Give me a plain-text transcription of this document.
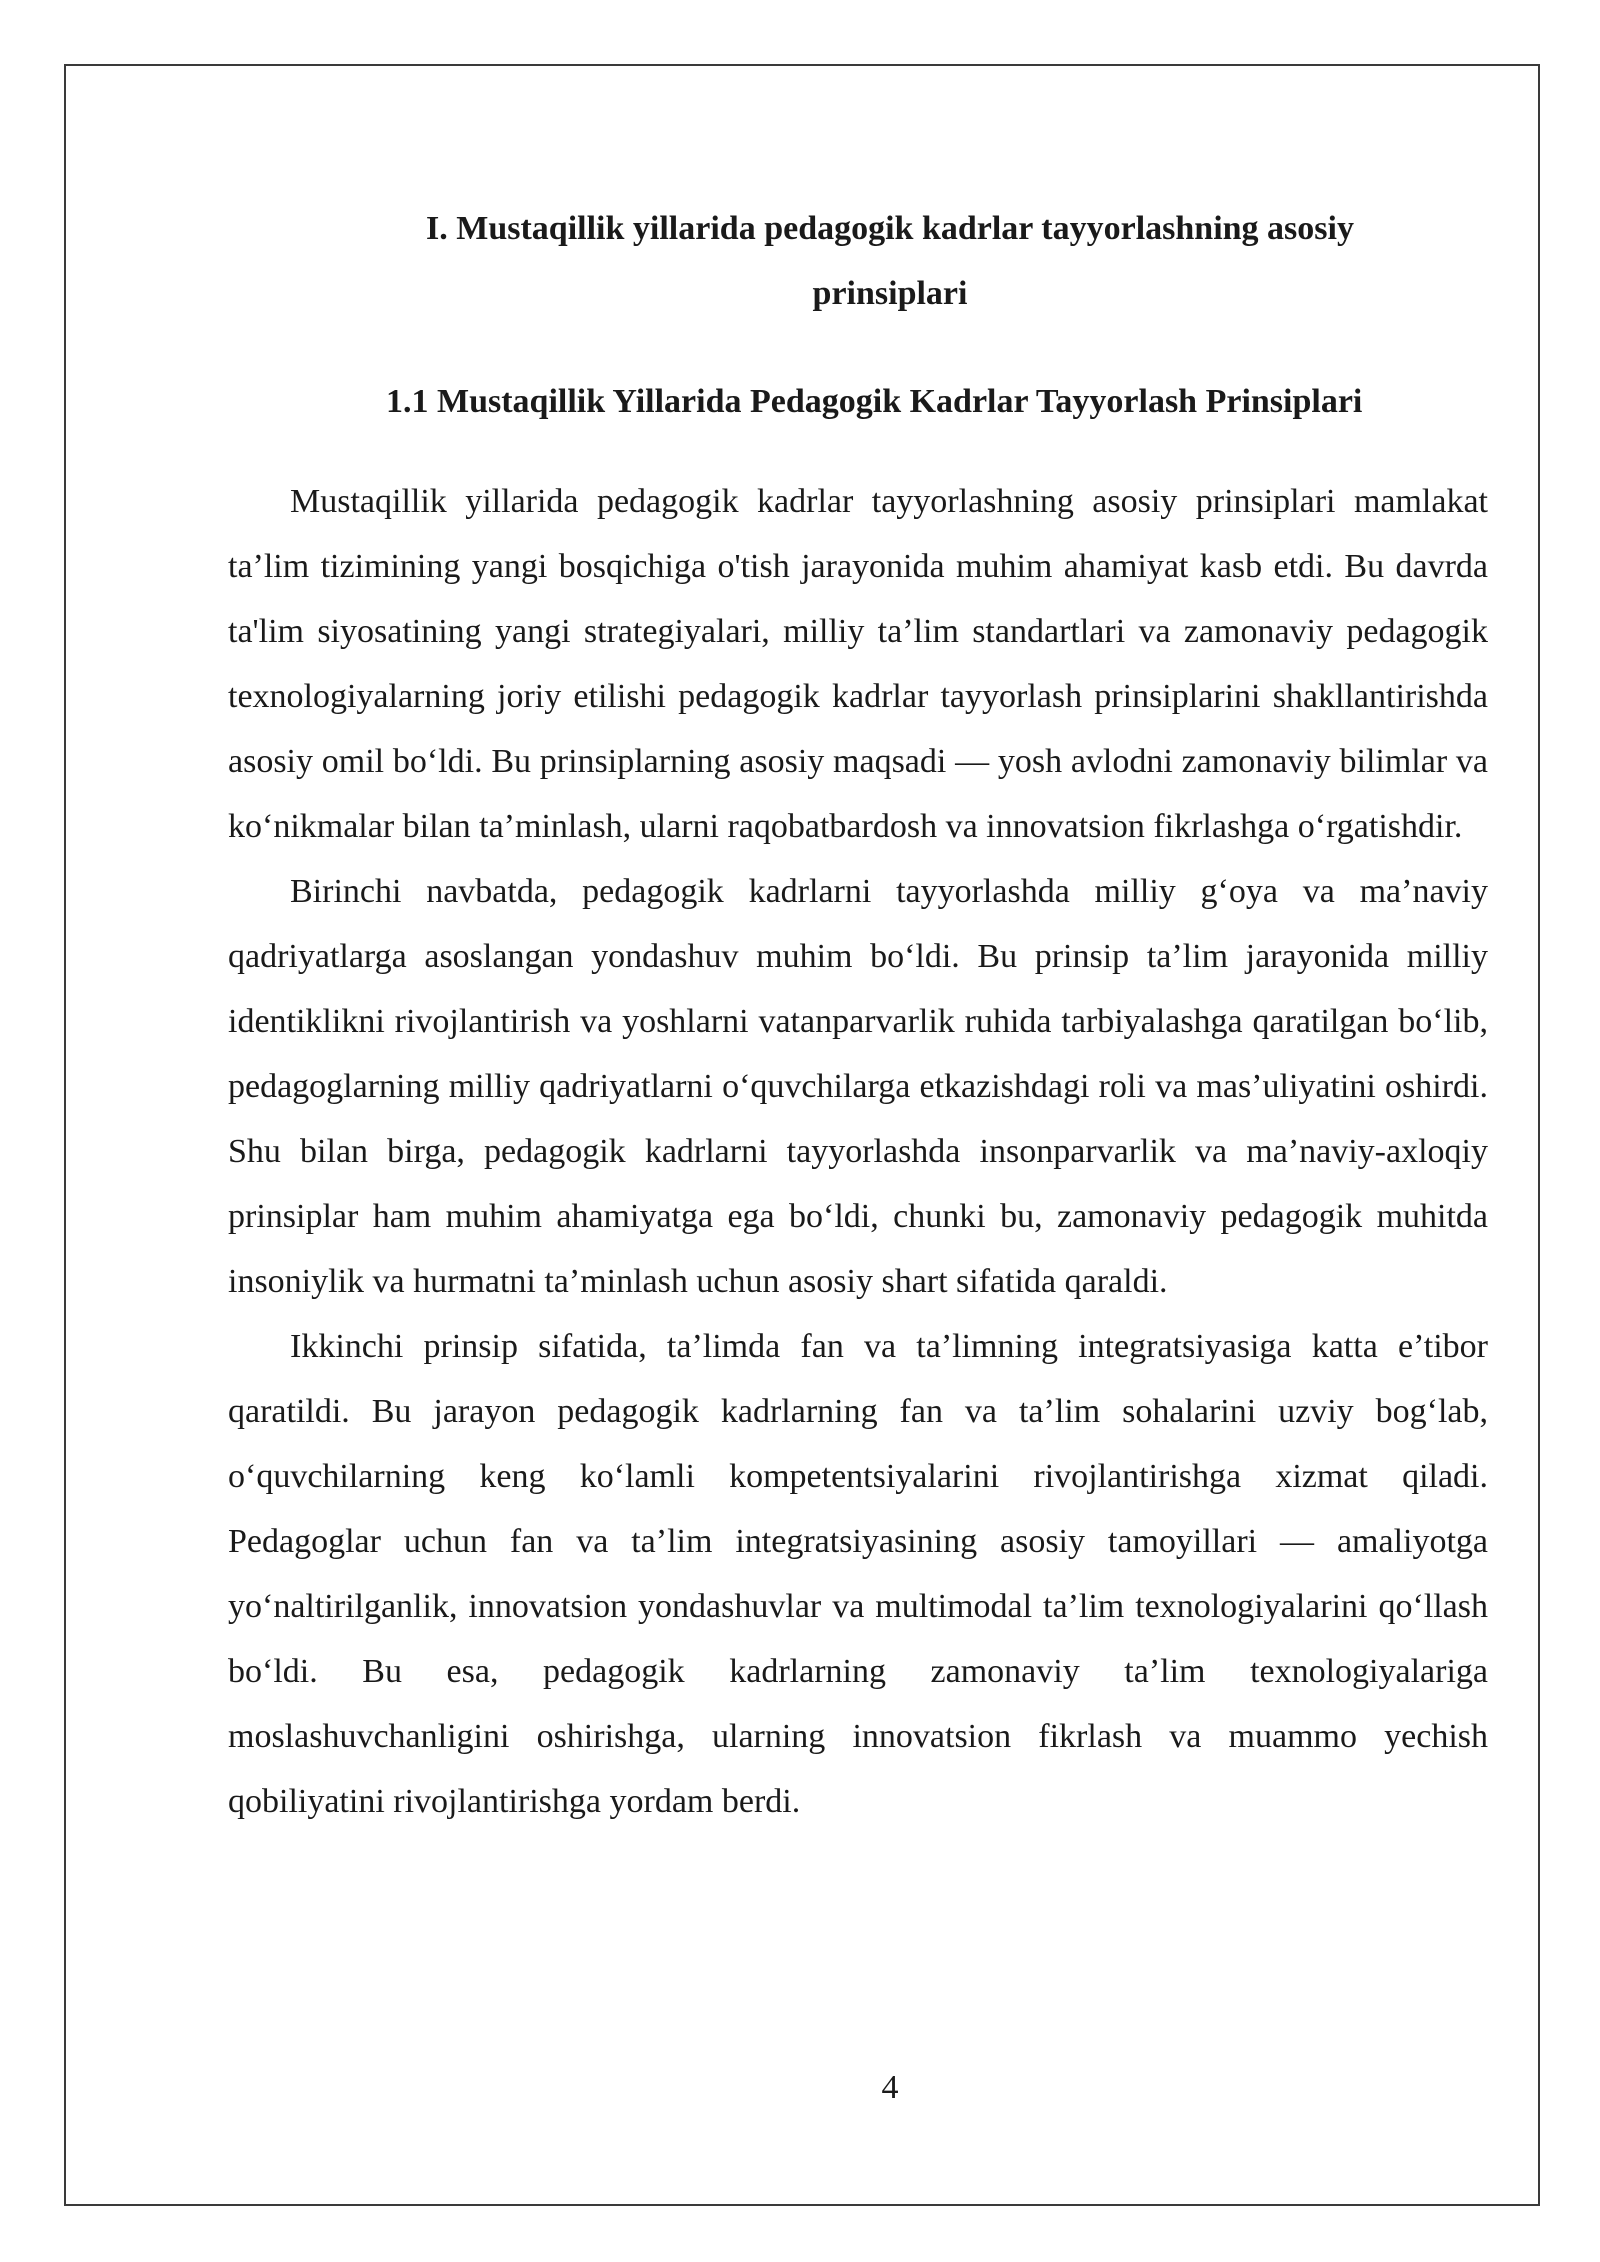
I. Mustaqillik yillarida pedagogik kadrlar tayyorlashning asosiy
prinsiplari
1.1 Mustaqillik Yillarida Pedagogik Kadrlar Tayyorlash Prinsiplari

Mustaqillik yillarida pedagogik kadrlar tayyorlashning asosiy prinsiplari mamlakat ta’lim tizimining yangi bosqichiga o'tish jarayonida muhim ahamiyat kasb etdi. Bu davrda ta'lim siyosatining yangi strategiyalari, milliy ta’lim standartlari va zamonaviy pedagogik texnologiyalarning joriy etilishi pedagogik kadrlar tayyorlash prinsiplarini shakllantirishda asosiy omil bo‘ldi. Bu prinsiplarning asosiy maqsadi — yosh avlodni zamonaviy bilimlar va ko‘nikmalar bilan ta’minlash, ularni raqobatbardosh va innovatsion fikrlashga o‘rgatishdir.

Birinchi navbatda, pedagogik kadrlarni tayyorlashda milliy g‘oya va ma’naviy qadriyatlarga asoslangan yondashuv muhim bo‘ldi. Bu prinsip ta’lim jarayonida milliy identiklikni rivojlantirish va yoshlarni vatanparvarlik ruhida tarbiyalashga qaratilgan bo‘lib, pedagoglarning milliy qadriyatlarni o‘quvchilarga etkazishdagi roli va mas’uliyatini oshirdi. Shu bilan birga, pedagogik kadrlarni tayyorlashda insonparvarlik va ma’naviy-axloqiy prinsiplar ham muhim ahamiyatga ega bo‘ldi, chunki bu, zamonaviy pedagogik muhitda insoniylik va hurmatni ta’minlash uchun asosiy shart sifatida qaraldi.

Ikkinchi prinsip sifatida, ta’limda fan va ta’limning integratsiyasiga katta e’tibor qaratildi. Bu jarayon pedagogik kadrlarning fan va ta’lim sohalarini uzviy bog‘lab, o‘quvchilarning keng ko‘lamli kompetentsiyalarini rivojlantirishga xizmat qiladi. Pedagoglar uchun fan va ta’lim integratsiyasining asosiy tamoyillari — amaliyotga yo‘naltirilganlik, innovatsion yondashuvlar va multimodal ta’lim texnologiyalarini qo‘llash bo‘ldi. Bu esa, pedagogik kadrlarning zamonaviy ta’lim texnologiyalariga moslashuvchanligini oshirishga, ularning innovatsion fikrlash va muammo yechish qobiliyatini rivojlantirishga yordam berdi.

4
